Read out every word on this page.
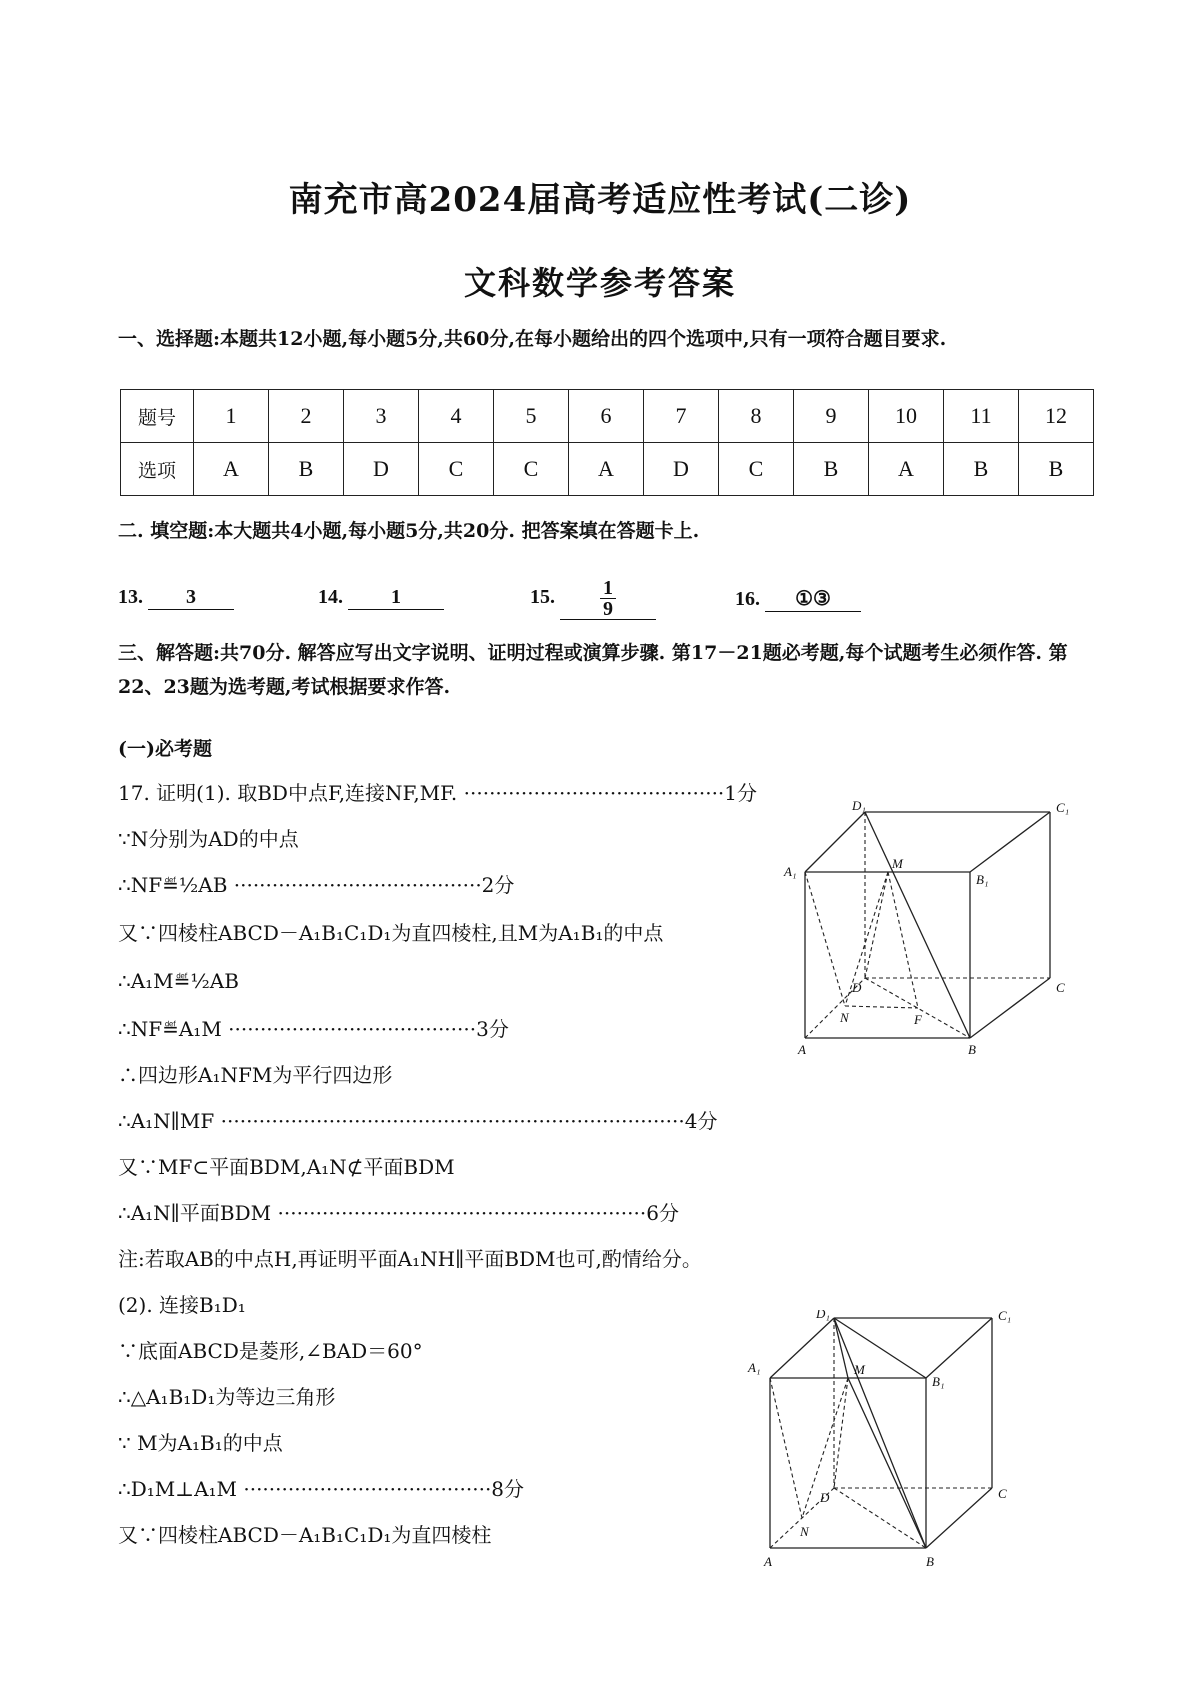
南充市高2024届高考适应性考试(二诊)
文科数学参考答案
一、选择题:本题共12小题,每小题5分,共60分,在每小题给出的四个选项中,只有一项符合题目要求.
题号	1	2	3	4	5	6	7	8	9	10	11	12
选项	A	B	D	C	C	A	D	C	B	A	B	B
二. 填空题:本大题共4小题,每小题5分,共20分. 把答案填在答题卡上.
13. 3	14. 1	15. $\frac{1}{9}$	16. ①③
三、解答题:共70分. 解答应写出文字说明、证明过程或演算步骤. 第17－21题必考题,每个试题考生必须作答. 第22、23题为选考题,考试根据要求作答.
(一)必考题
17. 证明(1). 取BD中点F,连接NF,MF. ·········································1分
∵N分别为AD的中点
∴NF≝½AB ·······································2分
又∵四棱柱ABCD－A₁B₁C₁D₁为直四棱柱,且M为A₁B₁的中点
∴A₁M≝½AB
∴NF≝A₁M ·······································3分
∴四边形A₁NFM为平行四边形
∴A₁N∥MF ·········································································4分
又∵MF⊂平面BDM,A₁N⊄平面BDM
∴A₁N∥平面BDM ··························································6分
注:若取AB的中点H,再证明平面A₁NH∥平面BDM也可,酌情给分。
(2). 连接B₁D₁
∵底面ABCD是菱形,∠BAD＝60°
∴△A₁B₁D₁为等边三角形
∵ M为A₁B₁的中点
∴D₁M⊥A₁M ·······································8分
又∵四棱柱ABCD－A₁B₁C₁D₁为直四棱柱
D₁	C₁
A₁
M
B₁
D	C
A
N	F
B
D₁	C₁
A₁	M
B₁
D	C
A
N
B
